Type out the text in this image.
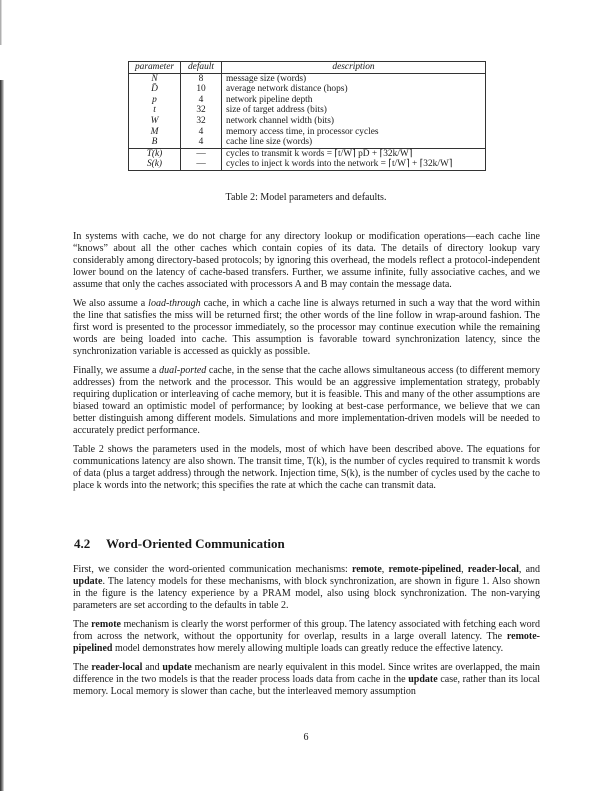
parameter	default	description
N	8	message size (words)
D̄	10	average network distance (hops)
p	4	network pipeline depth
t	32	size of target address (bits)
W	32	network channel width (bits)
M	4	memory access time, in processor cycles
B	4	cache line size (words)
T(k)	—	cycles to transmit k words = ⌈t/W⌉ pD̄ + ⌈32k/W⌉
S(k)	—	cycles to inject k words into the network = ⌈t/W⌉ + ⌈32k/W⌉
Table 2: Model parameters and defaults.

In systems with cache, we do not charge for any directory lookup or modification operations—each cache line “knows” about all the other caches which contain copies of its data. The details of directory lookup vary considerably among directory-based protocols; by ignoring this overhead, the models reflect a protocol-independent lower bound on the latency of cache-based transfers. Further, we assume infinite, fully associative caches, and we assume that only the caches associated with processors A and B may contain the message data.

We also assume a load-through cache, in which a cache line is always returned in such a way that the word within the line that satisfies the miss will be returned first; the other words of the line follow in wrap-around fashion. The first word is presented to the processor immediately, so the processor may continue execution while the remaining words are being loaded into cache. This assumption is favorable toward synchronization latency, since the synchronization variable is accessed as quickly as possible.

Finally, we assume a dual-ported cache, in the sense that the cache allows simultaneous access (to different memory addresses) from the network and the processor. This would be an aggressive implementation strategy, probably requiring duplication or interleaving of cache memory, but it is feasible. This and many of the other assumptions are biased toward an optimistic model of performance; by looking at best-case performance, we believe that we can better distinguish among different models. Simulations and more implementation-driven models will be needed to accurately predict performance.

Table 2 shows the parameters used in the models, most of which have been described above. The equations for communications latency are also shown. The transit time, T(k), is the number of cycles required to transmit k words of data (plus a target address) through the network. Injection time, S(k), is the number of cycles used by the cache to place k words into the network; this specifies the rate at which the cache can transmit data.

4.2 Word-Oriented Communication

First, we consider the word-oriented communication mechanisms: remote, remote-pipelined, reader-local, and update. The latency models for these mechanisms, with block synchronization, are shown in figure 1. Also shown in the figure is the latency experience by a PRAM model, also using block synchronization. The non-varying parameters are set according to the defaults in table 2.

The remote mechanism is clearly the worst performer of this group. The latency associated with fetching each word from across the network, without the opportunity for overlap, results in a large overall latency. The remote-pipelined model demonstrates how merely allowing multiple loads can greatly reduce the effective latency.

The reader-local and update mechanism are nearly equivalent in this model. Since writes are overlapped, the main difference in the two models is that the reader process loads data from cache in the update case, rather than its local memory. Local memory is slower than cache, but the interleaved memory assumption

6
